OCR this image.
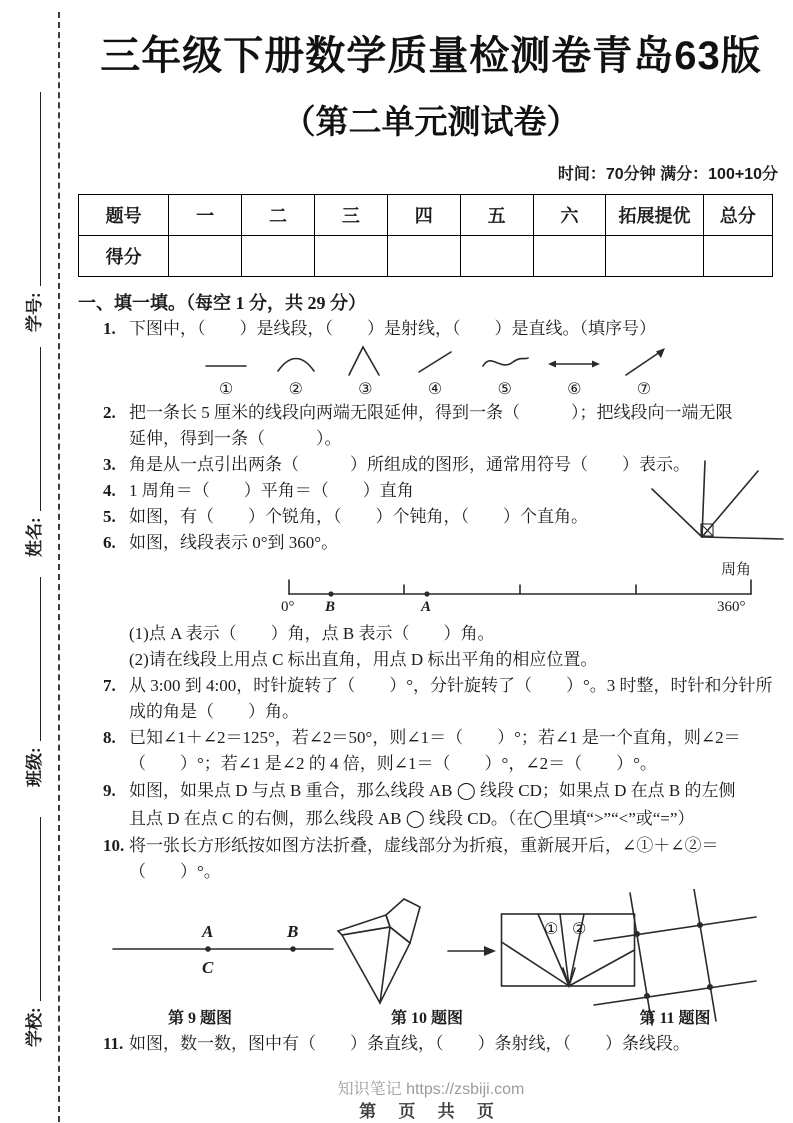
学号:
姓名:
班级:
学校:
三年级下册数学质量检测卷青岛63版
（第二单元测试卷）
时间：70分钟 满分：100+10分
题号	一	二	三	四	五	六	拓展提优	总分
得分								
一、填一填。（每空 1 分，共 29 分）
1. 下图中，（　　）是线段，（　　）是射线，（　　）是直线。（填序号）
①	②	③	④	⑤	⑥	⑦
2. 把一条长 5 厘米的线段向两端无限延伸，得到一条（　　　）；把线段向一端无限
延伸，得到一条（　　　）。
3. 角是从一点引出两条（　　　）所组成的图形，通常用符号（　　）表示。
4. 1 周角＝（　　）平角＝（　　）直角
5. 如图，有（　　）个锐角，（　　）个钝角，（　　）个直角。
6. 如图，线段表示 0°到 360°。
周角
0° B	A	360°
(1)点 A 表示（　　）角，点 B 表示（　　）角。
(2)请在线段上用点 C 标出直角，用点 D 标出平角的相应位置。
7. 从 3:00 到 4:00，时针旋转了（　　）°，分针旋转了（　　）°。3 时整，时针和分针所
成的角是（　　）角。
8. 已知∠1＋∠2＝125°，若∠2＝50°，则∠1＝（　　）°；若∠1 是一个直角，则∠2＝
（　　）°；若∠1 是∠2 的 4 倍，则∠1＝（　　）°，∠2＝（　　）°。
9. 如图，如果点 D 与点 B 重合，那么线段 AB ◯ 线段 CD；如果点 D 在点 B 的左侧
且点 D 在点 C 的右侧，那么线段 AB ◯ 线段 CD。（在◯里填“>”“<”或“=”）
10. 将一张长方形纸按如图方法折叠，虚线部分为折痕，重新展开后，∠①＋∠②＝
（　　）°。
A
C
B	① ②
第 9 题图	第 10 题图	第 11 题图
11. 如图，数一数，图中有（　　）条直线，（　　）条射线，（　　）条线段。
知识笔记 https://zsbiji.com
第 页 共 页
